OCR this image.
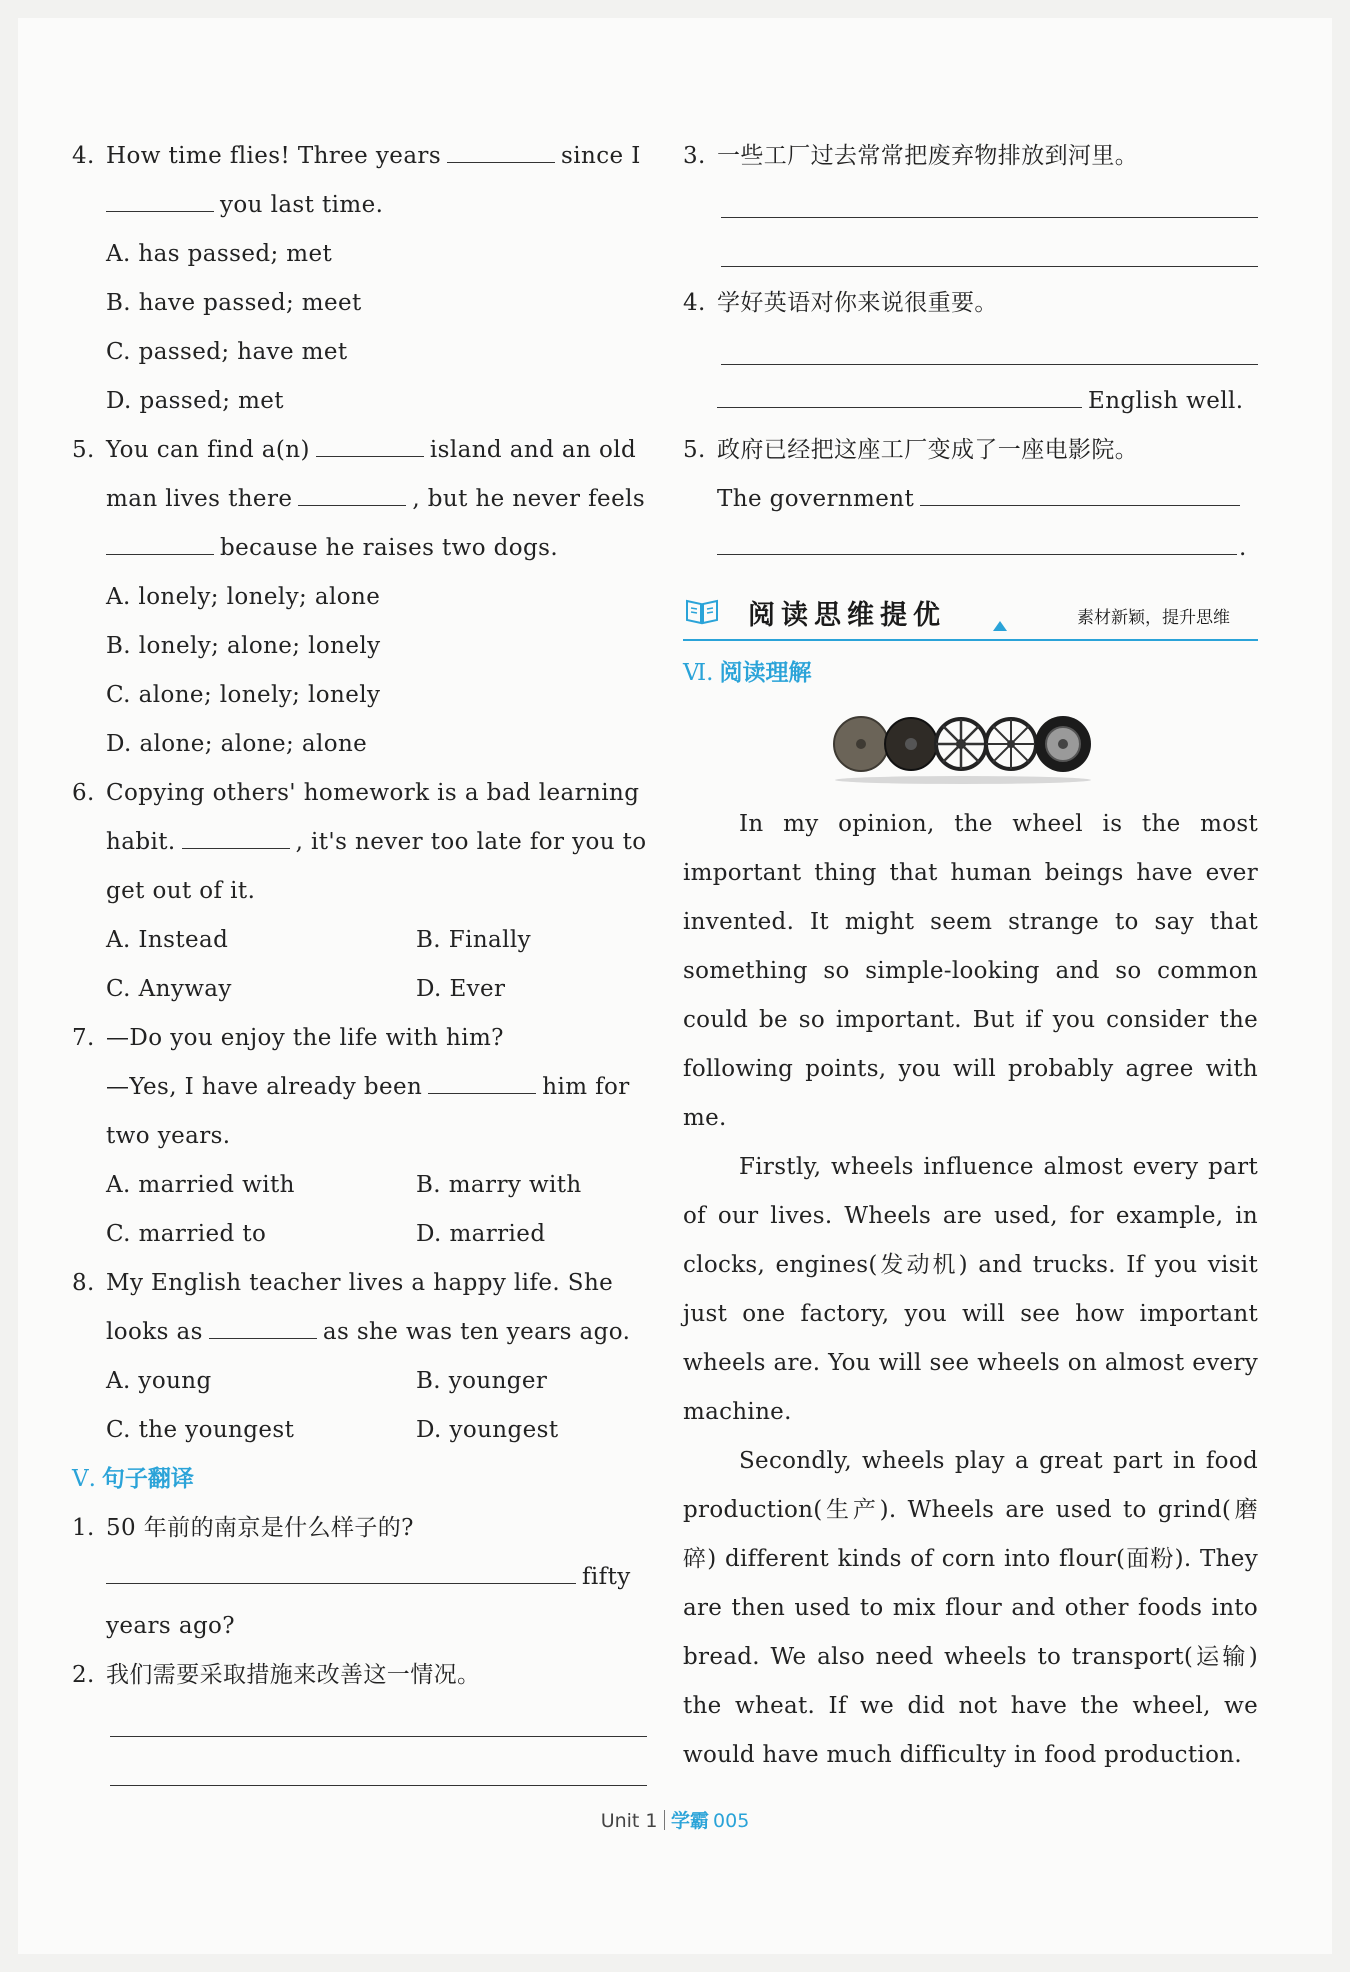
4. How time flies! Three years	since I
you last time.
A. has passed; met
B. have passed; meet
C. passed; have met
D. passed; met
5. You can find a(n)	island and an old
man lives there	, but he never feels
because he raises two dogs.
A. lonely; lonely; alone
B. lonely; alone; lonely
C. alone; lonely; lonely
D. alone; alone; alone
6. Copying others' homework is a bad learning
habit.	, it's never too late for you to
get out of it.
A. Instead	B. Finally
C. Anyway	D. Ever
7. —Do you enjoy the life with him?
—Yes, I have already been	him for
two years.
A. married with	B. marry with
C. married to	D. married
8. My English teacher lives a happy life. She
looks as	as she was ten years ago.
A. young	B. younger
C. the youngest	D. youngest
Ⅴ. 句子翻译
1. 50 年前的南京是什么样子的?
fifty
years ago?
2. 我们需要采取措施来改善这一情况。
3. 一些工厂过去常常把废弃物排放到河里。
4. 学好英语对你来说很重要。
English well.
5. 政府已经把这座工厂变成了一座电影院。
The government
.
阅读思维提优	素材新颖，提升思维
Ⅵ. 阅读理解

In my opinion, the wheel is the most important thing that human beings have ever invented. It might seem strange to say that something so simple-looking and so common could be so important. But if you consider the following points, you will probably agree with me.

Firstly, wheels influence almost every part of our lives. Wheels are used, for example, in clocks, engines(发动机) and trucks. If you visit just one factory, you will see how important wheels are. You will see wheels on almost every machine.

Secondly, wheels play a great part in food production(生产). Wheels are used to grind(磨碎) different kinds of corn into flour(面粉). They are then used to mix flour and other foods into bread. We also need wheels to transport(运输) the wheat. If we did not have the wheel, we would have much difficulty in food production.

Unit 1 学霸 005
